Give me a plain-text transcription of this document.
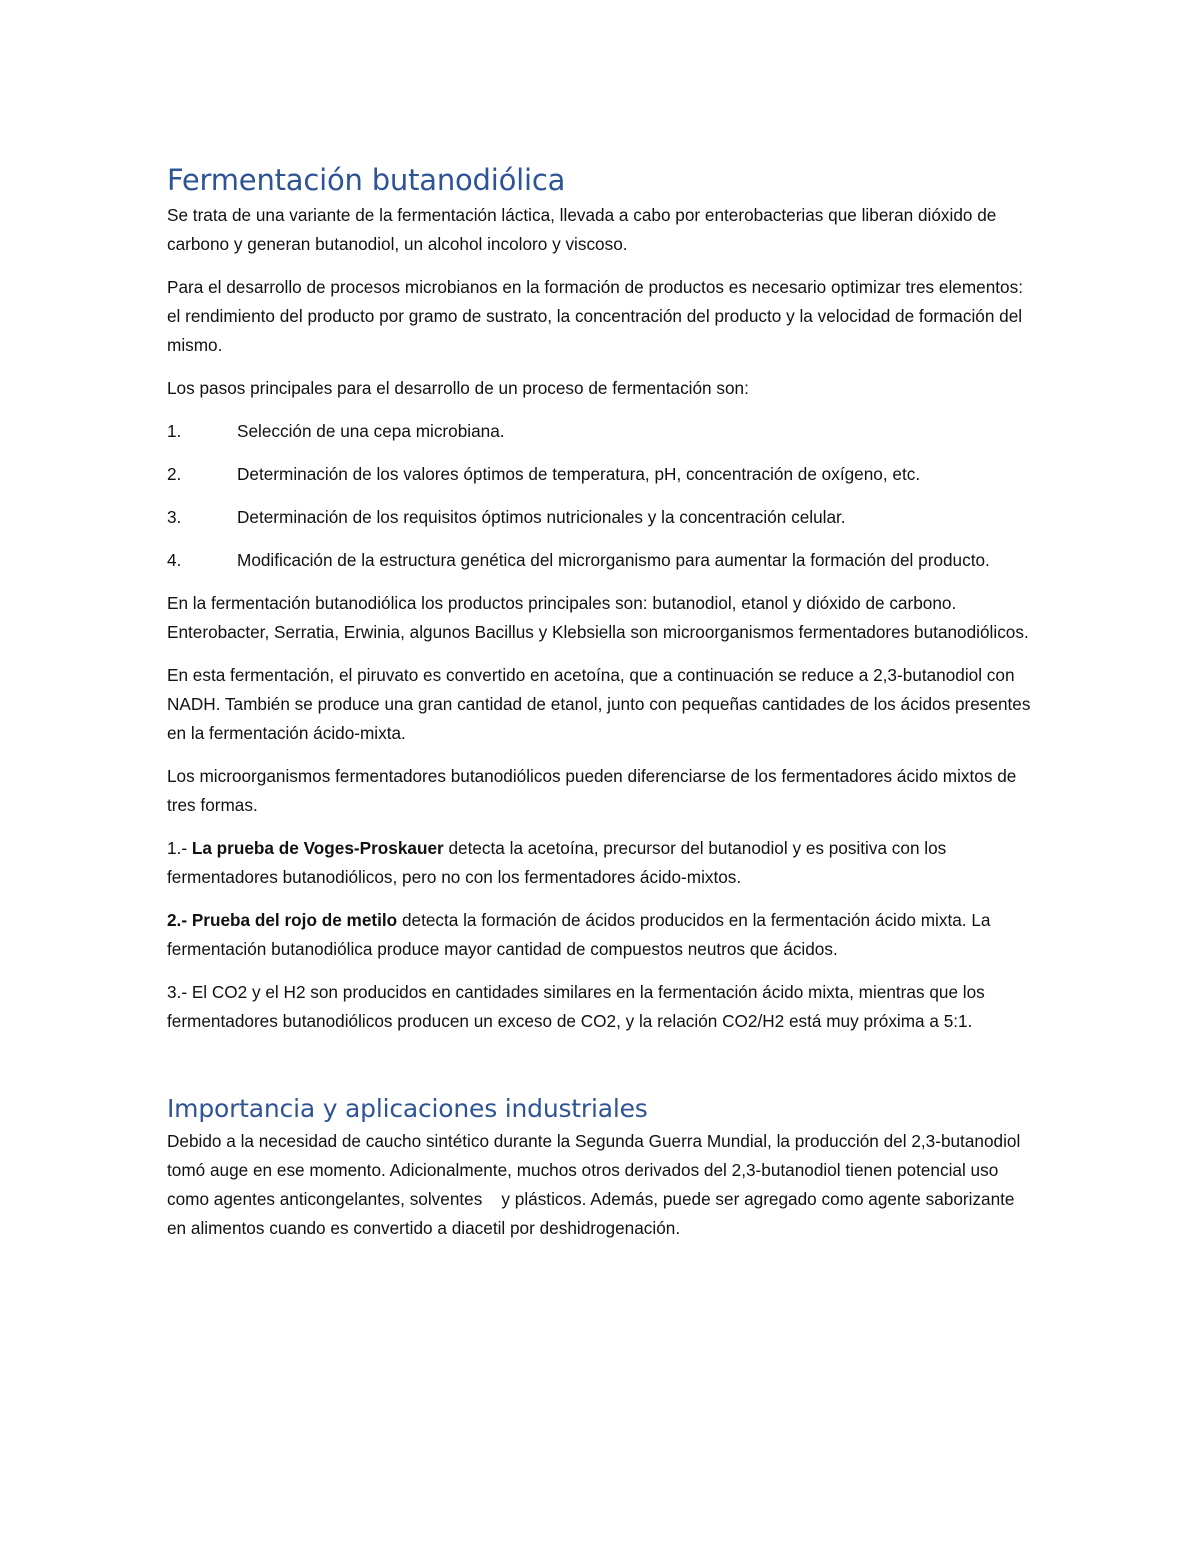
Fermentación butanodiólica

Se trata de una variante de la fermentación láctica, llevada a cabo por enterobacterias que liberan dióxido de carbono y generan butanodiol, un alcohol incoloro y viscoso.

Para el desarrollo de procesos microbianos en la formación de productos es necesario optimizar tres elementos: el rendimiento del producto por gramo de sustrato, la concentración del producto y la velocidad de formación del mismo.

Los pasos principales para el desarrollo de un proceso de fermentación son:

1.	Selección de una cepa microbiana.
2.	Determinación de los valores óptimos de temperatura, pH, concentración de oxígeno, etc.
3.	Determinación de los requisitos óptimos nutricionales y la concentración celular.
4.	Modificación de la estructura genética del microrganismo para aumentar la formación del producto.

En la fermentación butanodiólica los productos principales son: butanodiol, etanol y dióxido de carbono. Enterobacter, Serratia, Erwinia, algunos Bacillus y Klebsiella son microorganismos fermentadores butanodiólicos.

En esta fermentación, el piruvato es convertido en acetoína, que a continuación se reduce a 2,3-butanodiol con NADH. También se produce una gran cantidad de etanol, junto con pequeñas cantidades de los ácidos presentes en la fermentación ácido-mixta.

Los microorganismos fermentadores butanodiólicos pueden diferenciarse de los fermentadores ácido mixtos de tres formas.

1.- La prueba de Voges-Proskauer detecta la acetoína, precursor del butanodiol y es positiva con los fermentadores butanodiólicos, pero no con los fermentadores ácido-mixtos.

2.- Prueba del rojo de metilo detecta la formación de ácidos producidos en la fermentación ácido mixta. La fermentación butanodiólica produce mayor cantidad de compuestos neutros que ácidos.

3.- El CO2 y el H2 son producidos en cantidades similares en la fermentación ácido mixta, mientras que los fermentadores butanodiólicos producen un exceso de CO2, y la relación CO2/H2 está muy próxima a 5:1.

Importancia y aplicaciones industriales

Debido a la necesidad de caucho sintético durante la Segunda Guerra Mundial, la producción del 2,3-butanodiol tomó auge en ese momento. Adicionalmente, muchos otros derivados del 2,3-butanodiol tienen potencial uso como agentes anticongelantes, solventes    y plásticos. Además, puede ser agregado como agente saborizante en alimentos cuando es convertido a diacetil por deshidrogenación.
